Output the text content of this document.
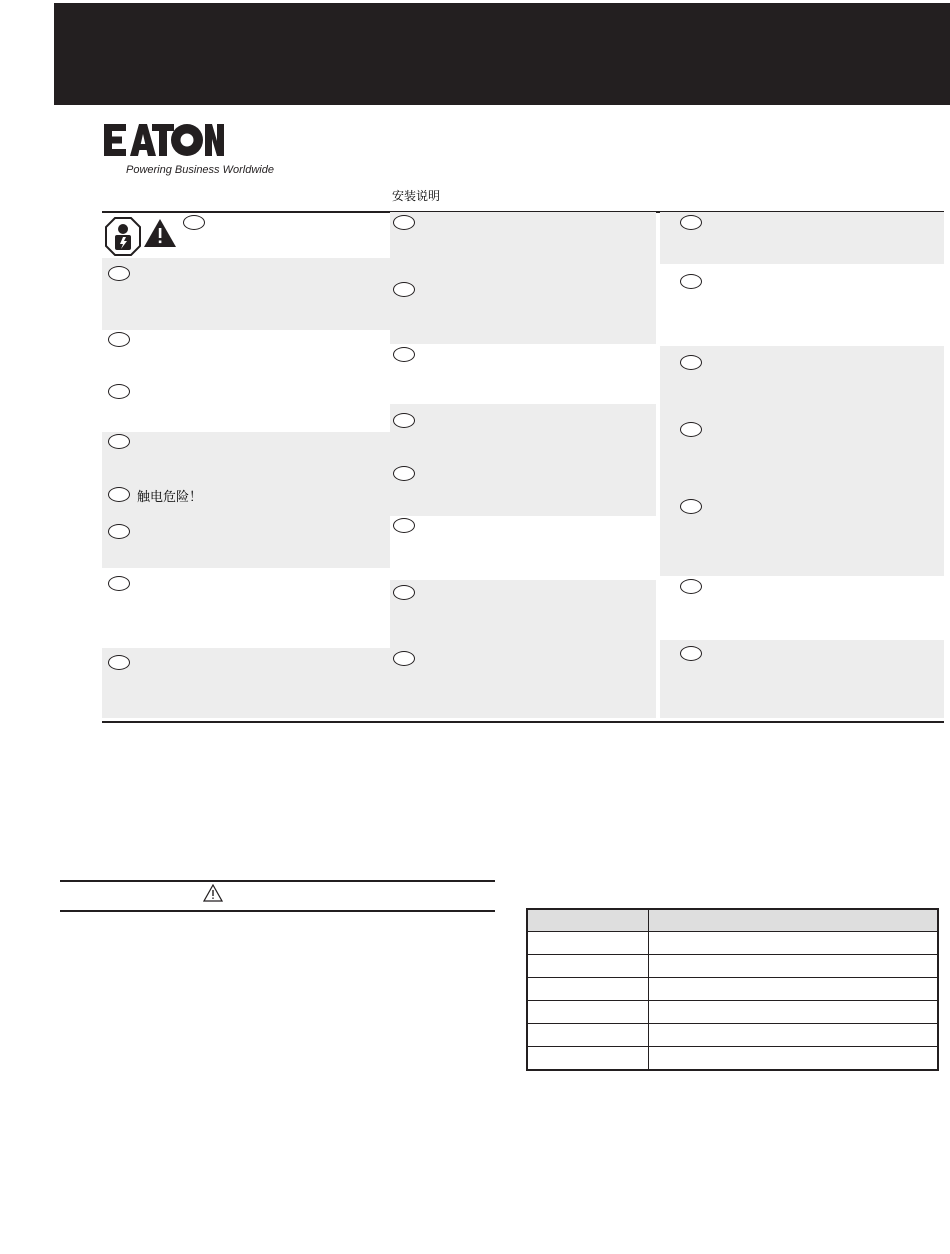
Powering Business Worldwide
安装说明
触电危险！
